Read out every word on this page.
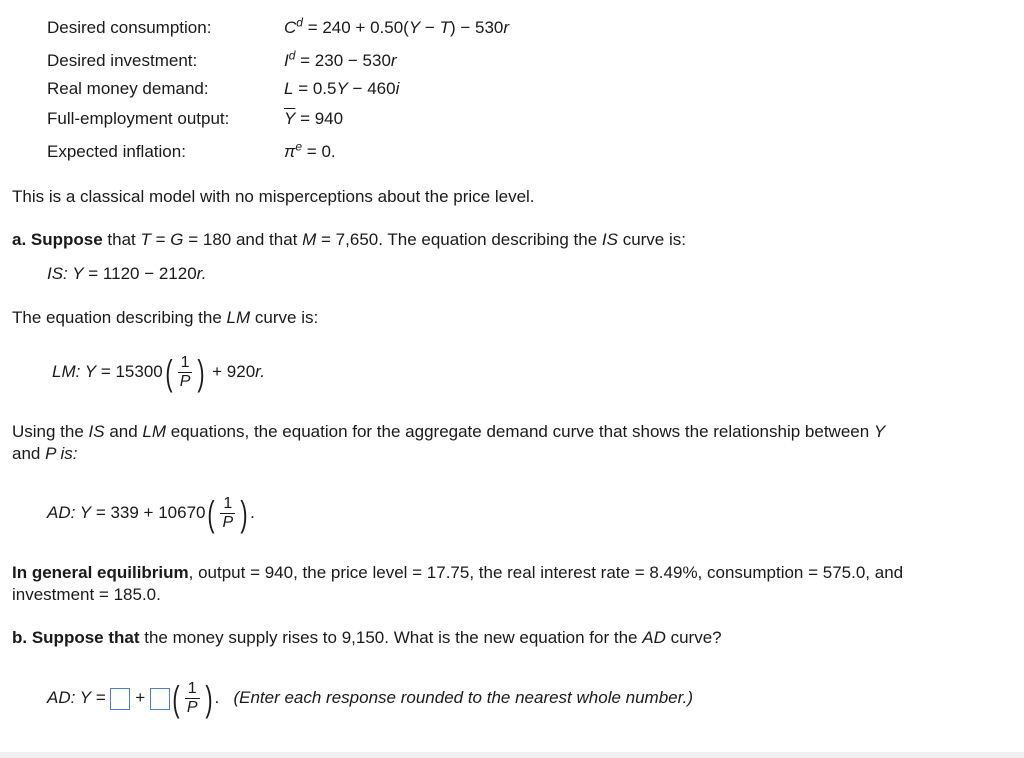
Desired consumption:	$C^d = 240 + 0.50(Y - T) - 530r$
Desired investment:	$I^d = 230 - 530r$
Real money demand:	L = 0.5Y − 460i
Full-employment output:	$\overline{Y} = 940$
Expected inflation:	$\pi^e = 0$.
This is a classical model with no misperceptions about the price level.
a. Suppose that T = G = 180 and that M = 7,650. The equation describing the IS curve is:
IS: Y = 1120 − 2120r.
The equation describing the LM curve is:
LM: $Y = 15300( \frac{1}{P}$ ) + 920r.
Using the IS and LM equations, the equation for the aggregate demand curve that shows the relationship between Y
and P is:
AD: $Y = 339 + 10670( \frac{1}{P}$ ) .
In general equilibrium, output = 940, the price level = 17.75, the real interest rate = 8.49%, consumption = 575.0, and
investment = 185.0.
b. Suppose that the money supply rises to 9,150. What is the new equation for the AD curve?
AD: Y =  + ( $\frac{1}{P}$ ) . (Enter each response rounded to the nearest whole number.)
